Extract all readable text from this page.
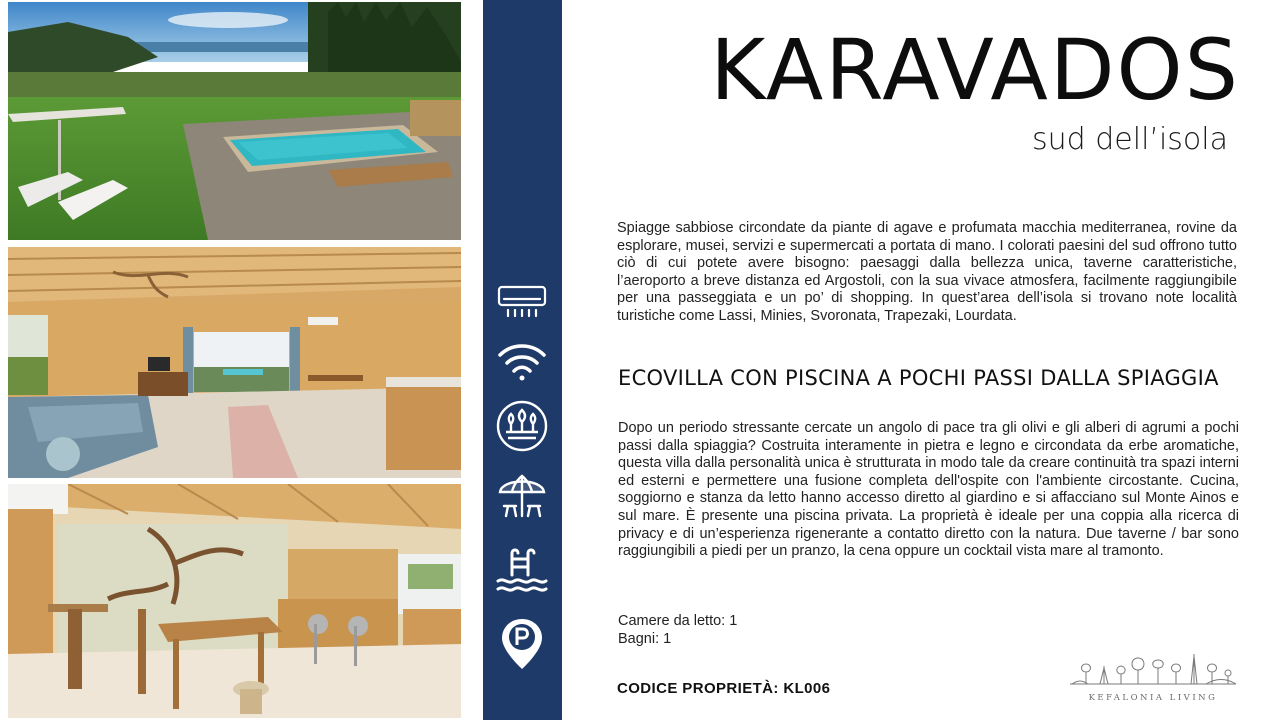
KARAVADOS
sud dell’isola

Spiagge sabbiose circondate da piante di agave e profumata macchia mediterranea, rovine da esplorare, musei, servizi e supermercati a portata di mano. I colorati paesini del sud offrono tutto ciò di cui potete avere bisogno: paesaggi dalla bellezza unica, taverne caratteristiche, l’aeroporto a breve distanza ed Argostoli, con la sua vivace atmosfera, facilmente raggiungibile per una passeggiata e un po’ di shopping. In quest’area dell’isola si trovano note località turistiche come Lassi, Minies, Svoronata, Trapezaki, Lourdata.

ECOVILLA CON PISCINA A POCHI PASSI DALLA SPIAGGIA

Dopo un periodo stressante cercate un angolo di pace tra gli olivi e gli alberi di agrumi a pochi passi dalla spiaggia? Costruita interamente in pietra e legno e circondata da erbe aromatiche, questa villa dalla personalità unica è strutturata in modo tale da creare continuità tra spazi interni ed esterni e permettere una fusione completa dell'ospite con l'ambiente circostante. Cucina, soggiorno e stanza da letto hanno accesso diretto al giardino e si affacciano sul Monte Ainos e sul mare. È presente una piscina privata. La proprietà è ideale per una coppia alla ricerca di privacy e di un’esperienza rigenerante a contatto diretto con la natura. Due taverne / bar sono raggiungibili a piedi per un pranzo, la cena oppure un cocktail vista mare al tramonto.

Camere da letto: 1
Bagni: 1
CODICE PROPRIETÀ: KL006
KEFALONIA LIVING
